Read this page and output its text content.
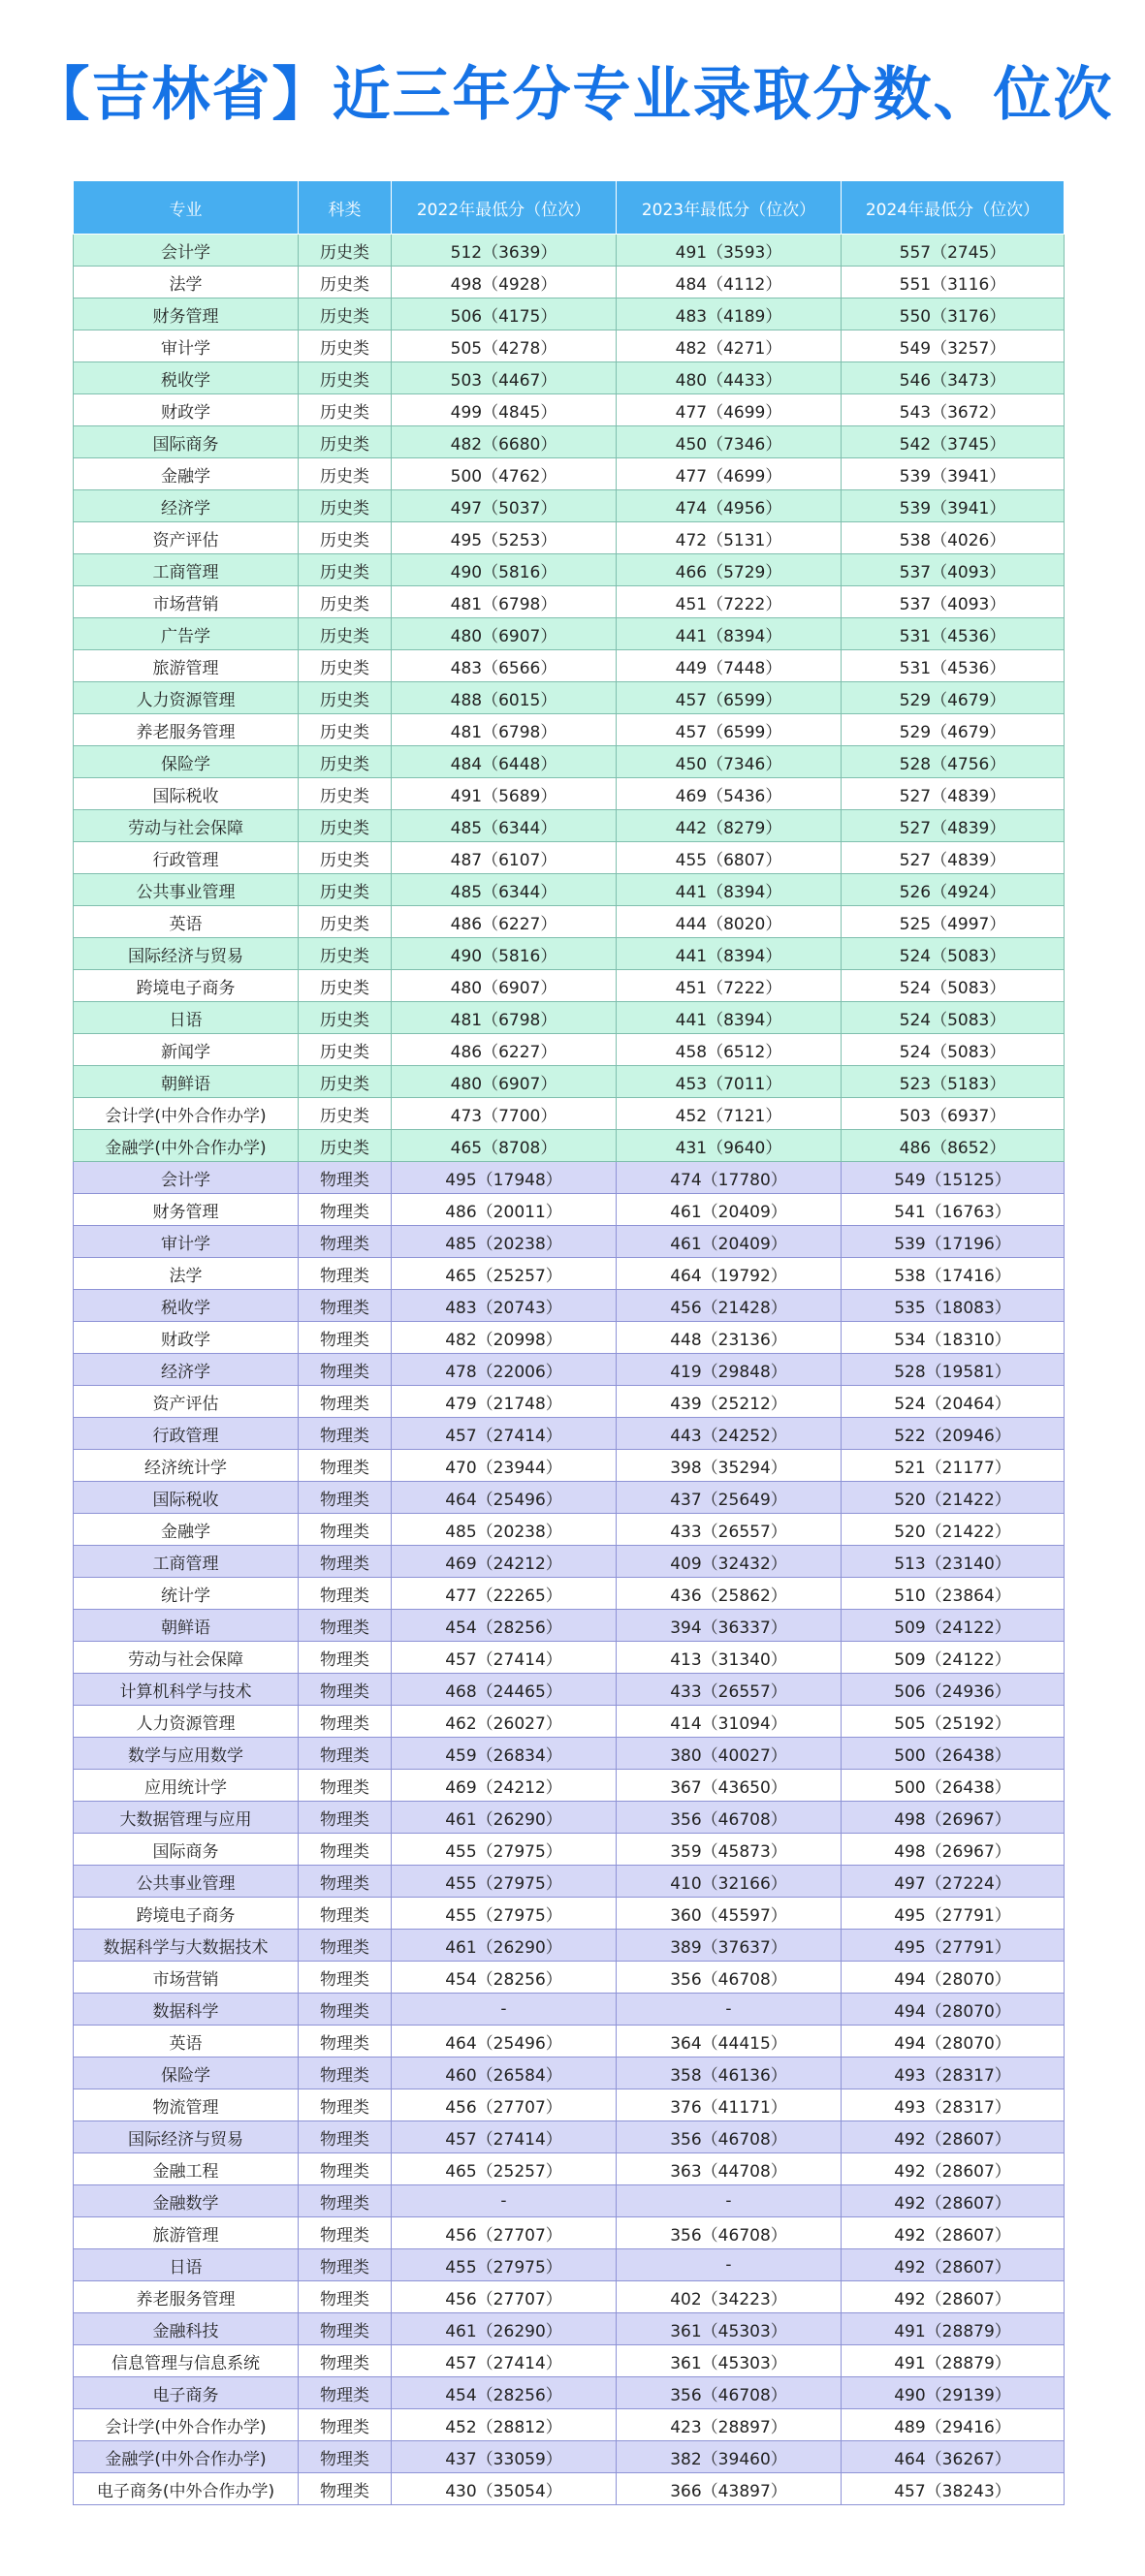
【吉林省】近三年分专业录取分数、位次
专业	科类	2022年最低分（位次）	2023年最低分（位次）	2024年最低分（位次）
会计学	历史类	512（3639）	491（3593）	557（2745）
法学	历史类	498（4928）	484（4112）	551（3116）
财务管理	历史类	506（4175）	483（4189）	550（3176）
审计学	历史类	505（4278）	482（4271）	549（3257）
税收学	历史类	503（4467）	480（4433）	546（3473）
财政学	历史类	499（4845）	477（4699）	543（3672）
国际商务	历史类	482（6680）	450（7346）	542（3745）
金融学	历史类	500（4762）	477（4699）	539（3941）
经济学	历史类	497（5037）	474（4956）	539（3941）
资产评估	历史类	495（5253）	472（5131）	538（4026）
工商管理	历史类	490（5816）	466（5729）	537（4093）
市场营销	历史类	481（6798）	451（7222）	537（4093）
广告学	历史类	480（6907）	441（8394）	531（4536）
旅游管理	历史类	483（6566）	449（7448）	531（4536）
人力资源管理	历史类	488（6015）	457（6599）	529（4679）
养老服务管理	历史类	481（6798）	457（6599）	529（4679）
保险学	历史类	484（6448）	450（7346）	528（4756）
国际税收	历史类	491（5689）	469（5436）	527（4839）
劳动与社会保障	历史类	485（6344）	442（8279）	527（4839）
行政管理	历史类	487（6107）	455（6807）	527（4839）
公共事业管理	历史类	485（6344）	441（8394）	526（4924）
英语	历史类	486（6227）	444（8020）	525（4997）
国际经济与贸易	历史类	490（5816）	441（8394）	524（5083）
跨境电子商务	历史类	480（6907）	451（7222）	524（5083）
日语	历史类	481（6798）	441（8394）	524（5083）
新闻学	历史类	486（6227）	458（6512）	524（5083）
朝鲜语	历史类	480（6907）	453（7011）	523（5183）
会计学(中外合作办学)	历史类	473（7700）	452（7121）	503（6937）
金融学(中外合作办学)	历史类	465（8708）	431（9640）	486（8652）
会计学	物理类	495（17948）	474（17780）	549（15125）
财务管理	物理类	486（20011）	461（20409）	541（16763）
审计学	物理类	485（20238）	461（20409）	539（17196）
法学	物理类	465（25257）	464（19792）	538（17416）
税收学	物理类	483（20743）	456（21428）	535（18083）
财政学	物理类	482（20998）	448（23136）	534（18310）
经济学	物理类	478（22006）	419（29848）	528（19581）
资产评估	物理类	479（21748）	439（25212）	524（20464）
行政管理	物理类	457（27414）	443（24252）	522（20946）
经济统计学	物理类	470（23944）	398（35294）	521（21177）
国际税收	物理类	464（25496）	437（25649）	520（21422）
金融学	物理类	485（20238）	433（26557）	520（21422）
工商管理	物理类	469（24212）	409（32432）	513（23140）
统计学	物理类	477（22265）	436（25862）	510（23864）
朝鲜语	物理类	454（28256）	394（36337）	509（24122）
劳动与社会保障	物理类	457（27414）	413（31340）	509（24122）
计算机科学与技术	物理类	468（24465）	433（26557）	506（24936）
人力资源管理	物理类	462（26027）	414（31094）	505（25192）
数学与应用数学	物理类	459（26834）	380（40027）	500（26438）
应用统计学	物理类	469（24212）	367（43650）	500（26438）
大数据管理与应用	物理类	461（26290）	356（46708）	498（26967）
国际商务	物理类	455（27975）	359（45873）	498（26967）
公共事业管理	物理类	455（27975）	410（32166）	497（27224）
跨境电子商务	物理类	455（27975）	360（45597）	495（27791）
数据科学与大数据技术	物理类	461（26290）	389（37637）	495（27791）
市场营销	物理类	454（28256）	356（46708）	494（28070）
数据科学	物理类	-	-	494（28070）
英语	物理类	464（25496）	364（44415）	494（28070）
保险学	物理类	460（26584）	358（46136）	493（28317）
物流管理	物理类	456（27707）	376（41171）	493（28317）
国际经济与贸易	物理类	457（27414）	356（46708）	492（28607）
金融工程	物理类	465（25257）	363（44708）	492（28607）
金融数学	物理类	-	-	492（28607）
旅游管理	物理类	456（27707）	356（46708）	492（28607）
日语	物理类	455（27975）	-	492（28607）
养老服务管理	物理类	456（27707）	402（34223）	492（28607）
金融科技	物理类	461（26290）	361（45303）	491（28879）
信息管理与信息系统	物理类	457（27414）	361（45303）	491（28879）
电子商务	物理类	454（28256）	356（46708）	490（29139）
会计学(中外合作办学)	物理类	452（28812）	423（28897）	489（29416）
金融学(中外合作办学)	物理类	437（33059）	382（39460）	464（36267）
电子商务(中外合作办学)	物理类	430（35054）	366（43897）	457（38243）
